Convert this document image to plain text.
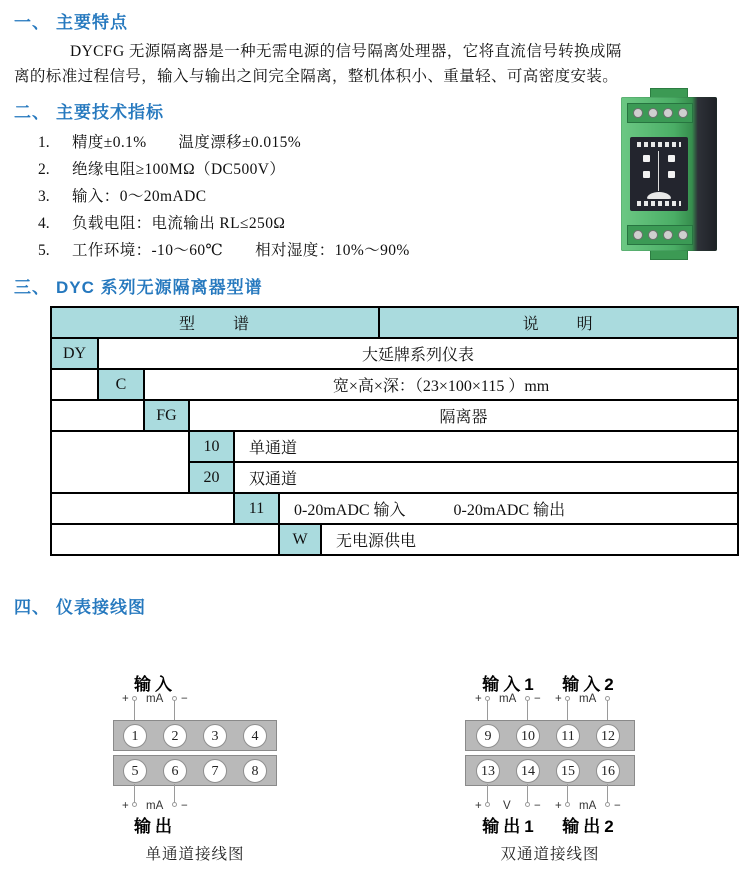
一、 主要特点

DYCFG 无源隔离器是一种无需电源的信号隔离处理器，它将直流信号转换成隔离的标准过程信号，输入与输出之间完全隔离，整机体积小、重量轻、可高密度安装。

二、 主要技术指标
1.	精度±0.1%　　温度漂移±0.015%
2.	绝缘电阻≥100MΩ（DC500V）
3.	输入：0～20mADC
4.	负载电阻：电流输出 RL≤250Ω
5.	工作环境：-10～60℃　　相对湿度：10%～90%
三、 DYC 系列无源隔离器型谱
型　　谱							说　　明
DY	大延牌系列仪表						
	C	宽×高×深：（23×100×115 ）mm					
		FG	隔离器				
			10	单通道			
			20	双通道			
				11	0-20mADC 输入　　　0-20mADC 输出		
					W	无电源供电	
四、 仪表接线图
输入
+ mA −
1	2	3	4
5	6	7	8
+ mA −
输出
单通道接线图
输入1	输入2
+ mA − + mA
9	10	11	12
13	14	15	16
+ V − + mA −
输出1	输出2
双通道接线图
